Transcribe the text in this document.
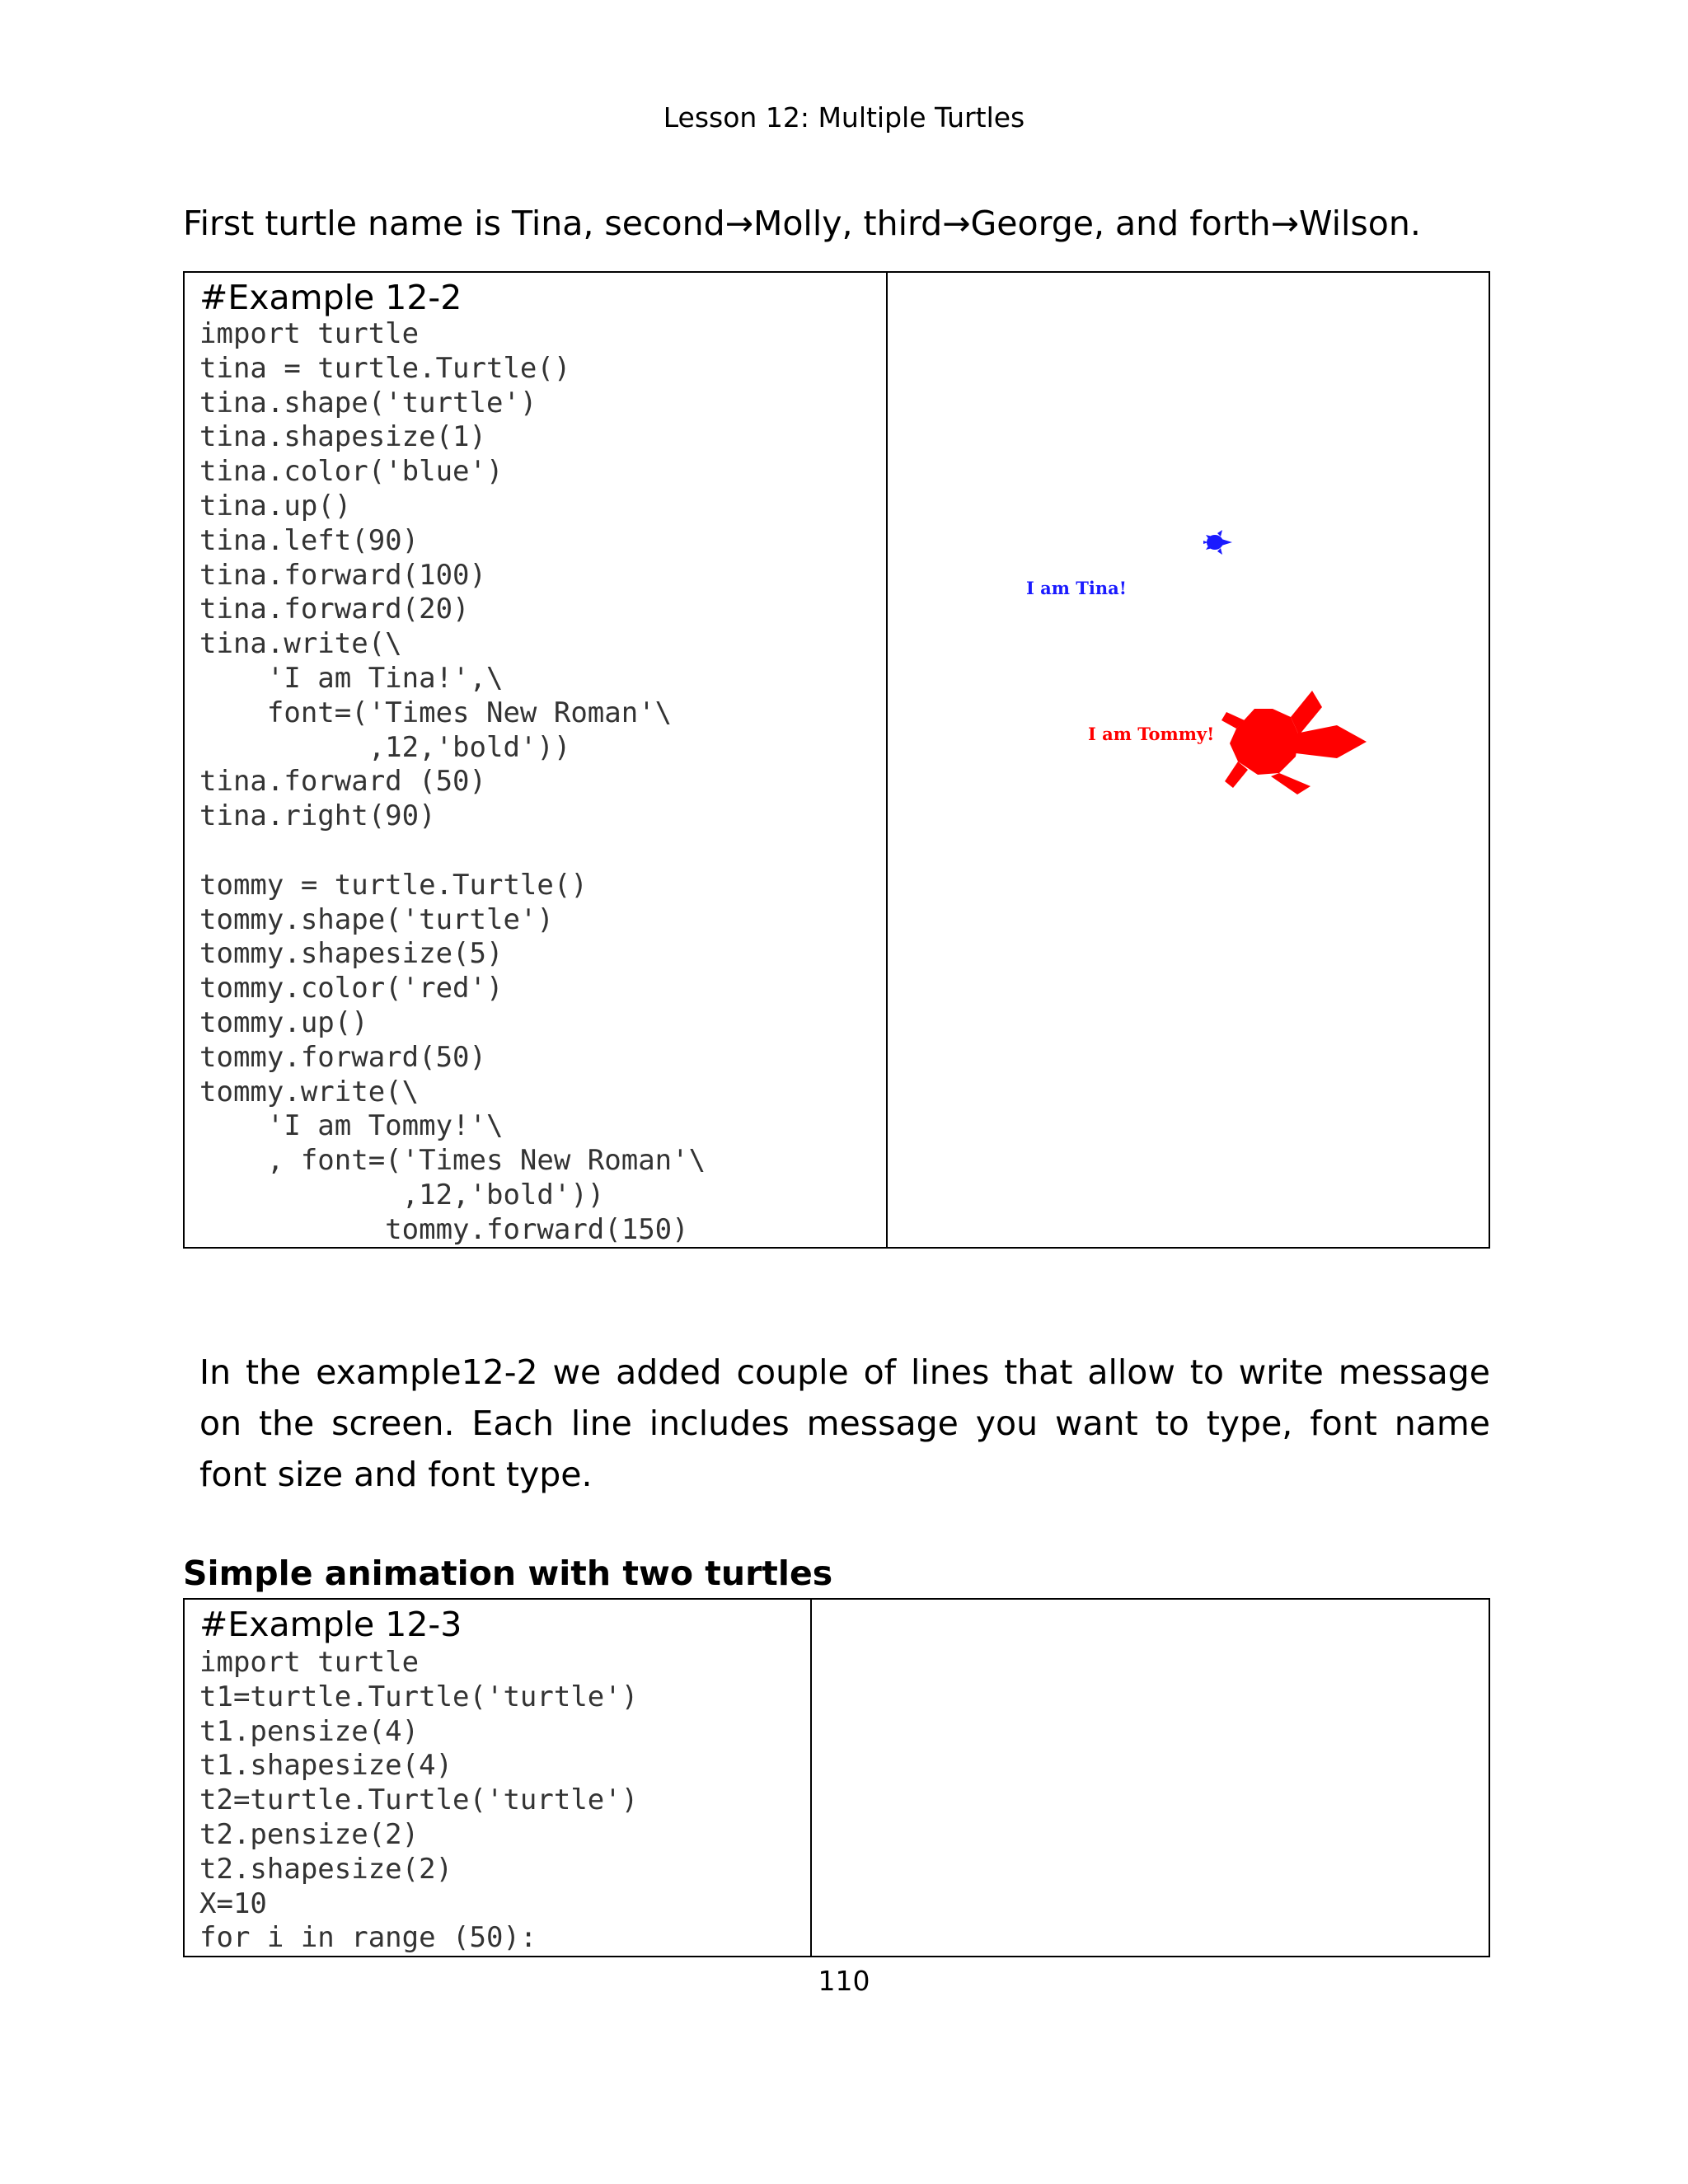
Lesson 12: Multiple Turtles
First turtle name is Tina, second→Molly, third→George, and forth→Wilson.
#Example 12-2
import turtle
tina = turtle.Turtle()
tina.shape('turtle')
tina.shapesize(1)
tina.color('blue')
tina.up()
tina.left(90)
tina.forward(100)
tina.forward(20)
tina.write(\
'I am Tina!',\
font=('Times New Roman'\
,12,'bold'))
tina.forward (50)
tina.right(90)

tommy = turtle.Turtle()
tommy.shape('turtle')
tommy.shapesize(5)
tommy.color('red')
tommy.up()
tommy.forward(50)
tommy.write(\
'I am Tommy!'\
, font=('Times New Roman'\
,12,'bold'))
tommy.forward(150)
I am Tina!
I am Tommy!
In the example12-2 we added couple of lines that allow to write message on the screen. Each line includes message you want to type, font name font size and font type.
Simple animation with two turtles
#Example 12-3
import turtle
t1=turtle.Turtle('turtle')
t1.pensize(4)
t1.shapesize(4)
t2=turtle.Turtle('turtle')
t2.pensize(2)
t2.shapesize(2)
X=10
for i in range (50):
110
